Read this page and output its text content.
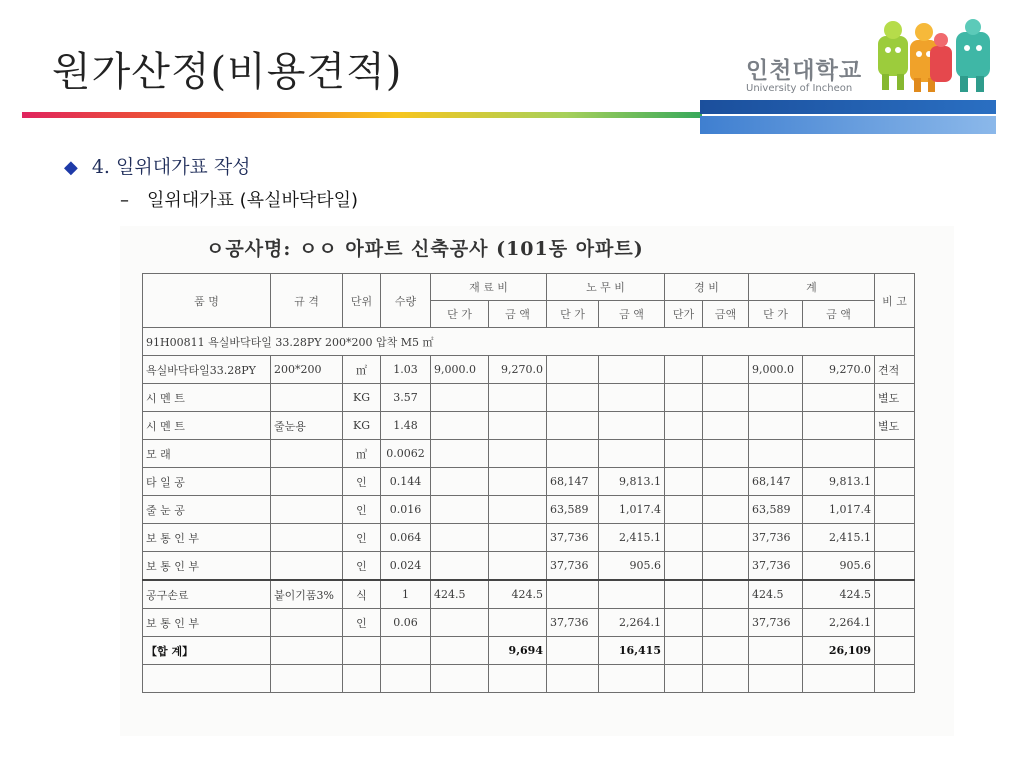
원가산정(비용견적)	인천대학교
University of Incheon
◆ 4. 일위대가표 작성
– 일위대가표 (욕실바닥타일)
ㅇ공사명: ㅇㅇ 아파트 신축공사 (101동 아파트)
품 명	규 격	단위	수량	재 료 비		노 무 비		경 비		계		비 고
				단 가	금 액	단 가	금 액	단가	금액	단 가	금 액	
91H00811 욕실바닥타일 33.28PY 200*200 압착 M5 ㎡												
욕실바닥타일33.28PY	200*200	㎡	1.03	9,000.0	9,270.0					9,000.0	9,270.0	견적
시 멘 트		KG	3.57									별도
시 멘 트	줄눈용	KG	1.48									별도
모 래		㎥	0.0062									
타 일 공		인	0.144			68,147	9,813.1			68,147	9,813.1	
줄 눈 공		인	0.016			63,589	1,017.4			63,589	1,017.4	
보 통 인 부		인	0.064			37,736	2,415.1			37,736	2,415.1	
보 통 인 부		인	0.024			37,736	905.6			37,736	905.6	
공구손료	붙이기품3%	식	1	424.5	424.5					424.5	424.5	
보 통 인 부		인	0.06			37,736	2,264.1			37,736	2,264.1	
【합 계】					9,694		16,415				26,109	
